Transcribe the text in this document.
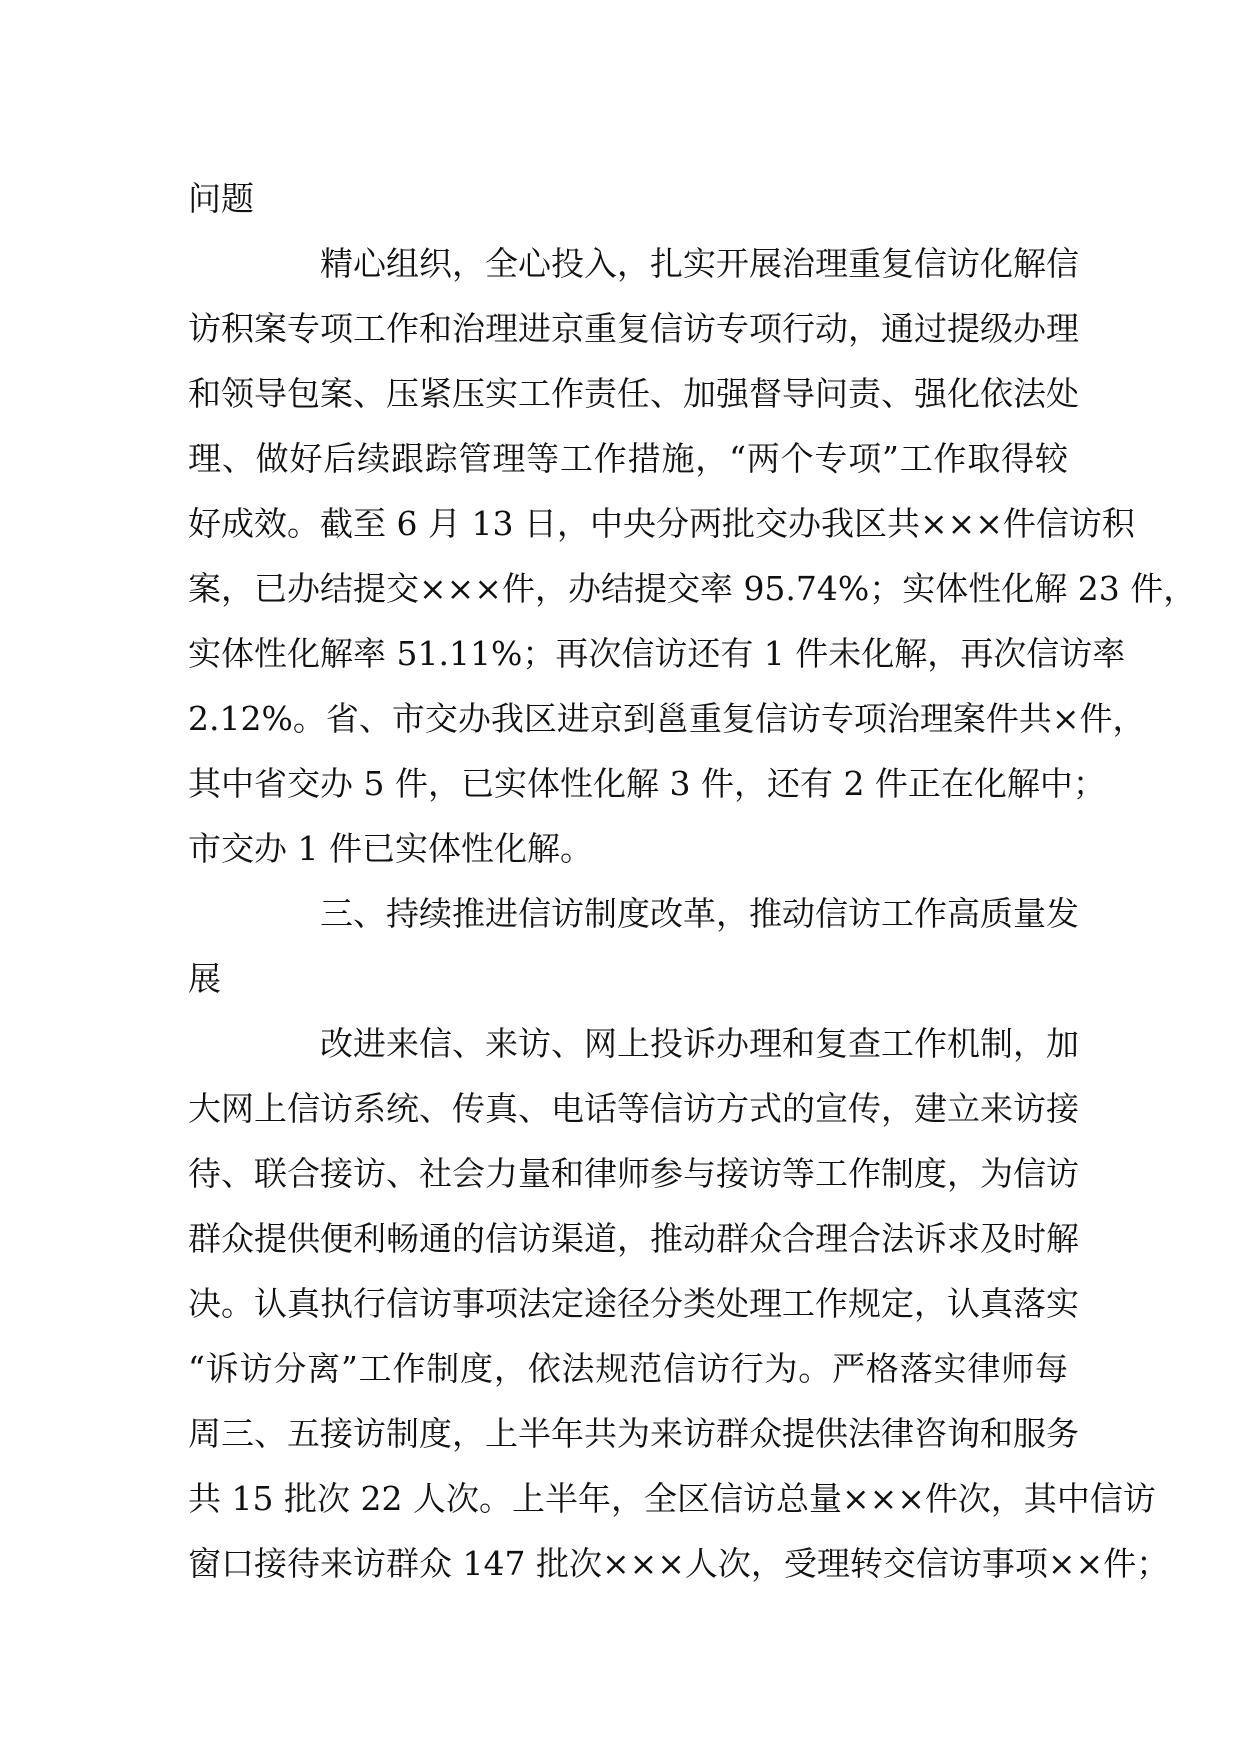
问题
精心组织，全心投入，扎实开展治理重复信访化解信
访积案专项工作和治理进京重复信访专项行动，通过提级办理
和领导包案、压紧压实工作责任、加强督导问责、强化依法处
理、做好后续跟踪管理等工作措施，“两个专项”工作取得较
好成效。截至 6 月 13 日，中央分两批交办我区共×××件信访积
案，已办结提交×××件，办结提交率 95.74%；实体性化解 23 件，
实体性化解率 51.11%；再次信访还有 1 件未化解，再次信访率
2.12%。省、市交办我区进京到邕重复信访专项治理案件共×件，
其中省交办 5 件，已实体性化解 3 件，还有 2 件正在化解中；
市交办 1 件已实体性化解。
三、持续推进信访制度改革，推动信访工作高质量发
展
改进来信、来访、网上投诉办理和复查工作机制，加
大网上信访系统、传真、电话等信访方式的宣传，建立来访接
待、联合接访、社会力量和律师参与接访等工作制度，为信访
群众提供便利畅通的信访渠道，推动群众合理合法诉求及时解
决。认真执行信访事项法定途径分类处理工作规定，认真落实
“诉访分离”工作制度，依法规范信访行为。严格落实律师每
周三、五接访制度，上半年共为来访群众提供法律咨询和服务
共 15 批次 22 人次。上半年，全区信访总量×××件次，其中信访
窗口接待来访群众 147 批次×××人次，受理转交信访事项××件；
